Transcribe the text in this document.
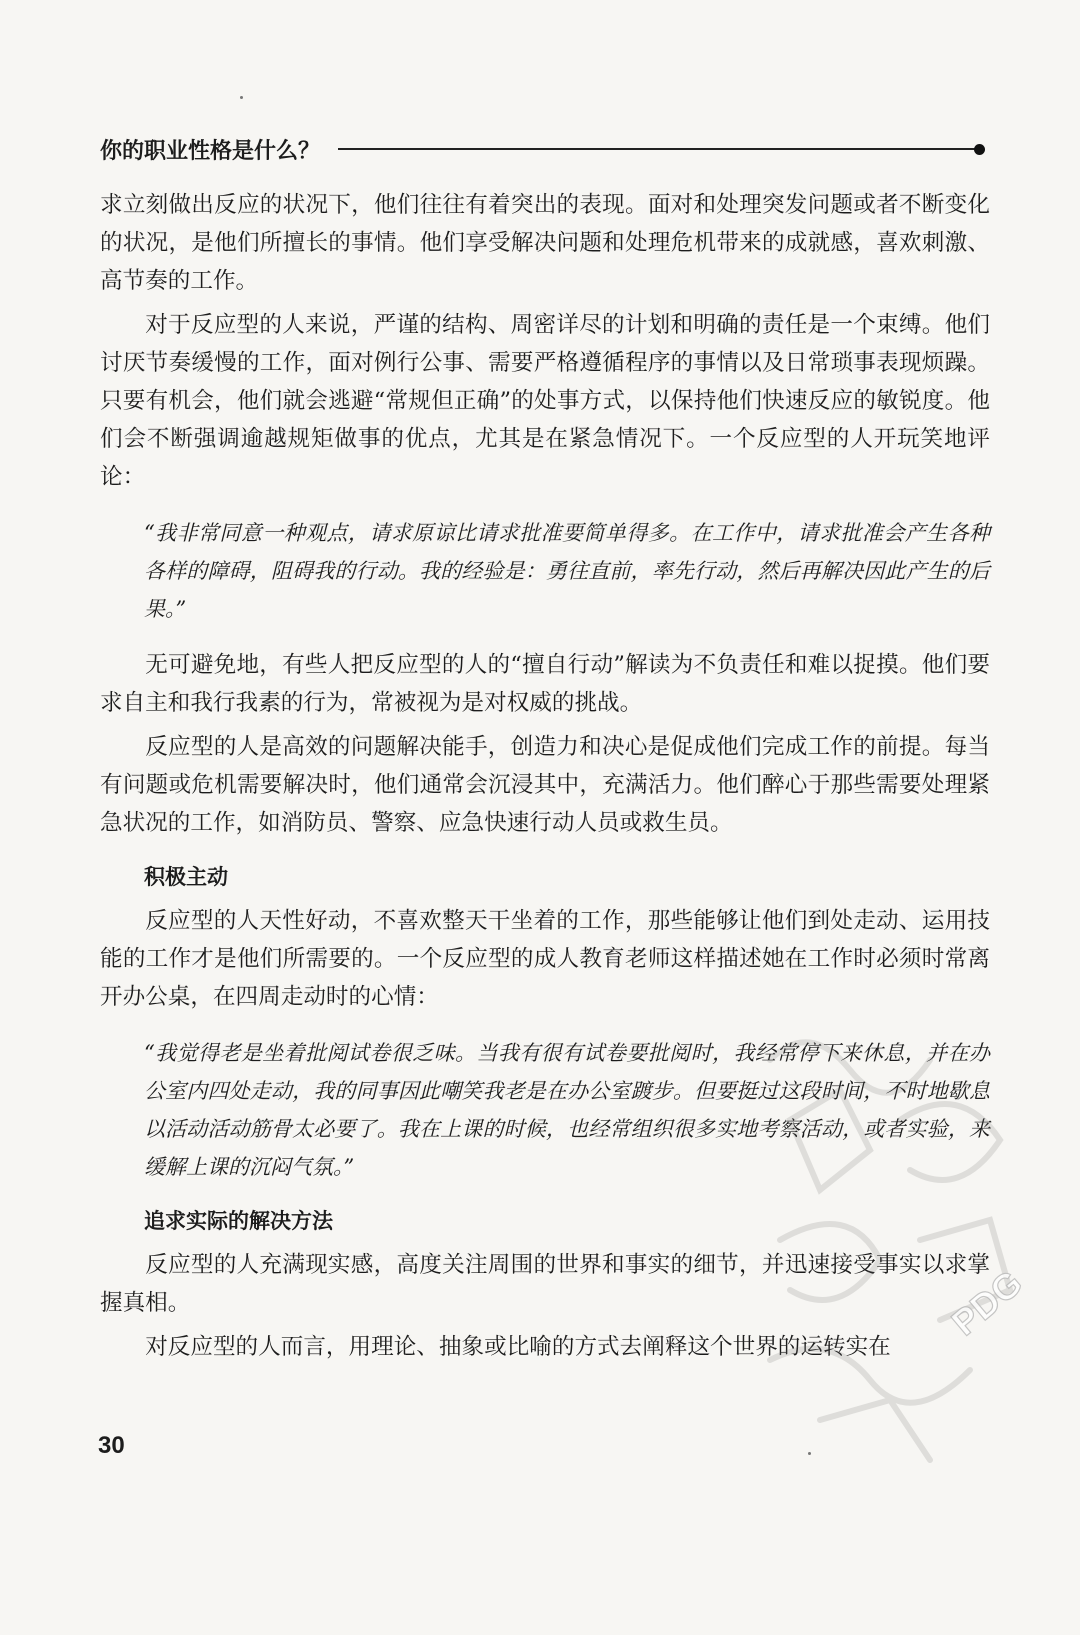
你的职业性格是什么？

求立刻做出反应的状况下，他们往往有着突出的表现。面对和处理突发问题或者不断变化的状况，是他们所擅长的事情。他们享受解决问题和处理危机带来的成就感，喜欢刺激、高节奏的工作。

对于反应型的人来说，严谨的结构、周密详尽的计划和明确的责任是一个束缚。他们讨厌节奏缓慢的工作，面对例行公事、需要严格遵循程序的事情以及日常琐事表现烦躁。只要有机会，他们就会逃避“常规但正确”的处事方式，以保持他们快速反应的敏锐度。他们会不断强调逾越规矩做事的优点，尤其是在紧急情况下。一个反应型的人开玩笑地评论：

“我非常同意一种观点，请求原谅比请求批准要简单得多。在工作中，请求批准会产生各种各样的障碍，阻碍我的行动。我的经验是：勇往直前，率先行动，然后再解决因此产生的后果。”

无可避免地，有些人把反应型的人的“擅自行动”解读为不负责任和难以捉摸。他们要求自主和我行我素的行为，常被视为是对权威的挑战。

反应型的人是高效的问题解决能手，创造力和决心是促成他们完成工作的前提。每当有问题或危机需要解决时，他们通常会沉浸其中，充满活力。他们醉心于那些需要处理紧急状况的工作，如消防员、警察、应急快速行动人员或救生员。

积极主动

反应型的人天性好动，不喜欢整天干坐着的工作，那些能够让他们到处走动、运用技能的工作才是他们所需要的。一个反应型的成人教育老师这样描述她在工作时必须时常离开办公桌，在四周走动时的心情：

“我觉得老是坐着批阅试卷很乏味。当我有很有试卷要批阅时，我经常停下来休息，并在办公室内四处走动，我的同事因此嘲笑我老是在办公室踱步。但要挺过这段时间，不时地歇息以活动活动筋骨太必要了。我在上课的时候，也经常组织很多实地考察活动，或者实验，来缓解上课的沉闷气氛。”

追求实际的解决方法

反应型的人充满现实感，高度关注周围的世界和事实的细节，并迅速接受事实以求掌握真相。

对反应型的人而言，用理论、抽象或比喻的方式去阐释这个世界的运转实在

30
PDG
